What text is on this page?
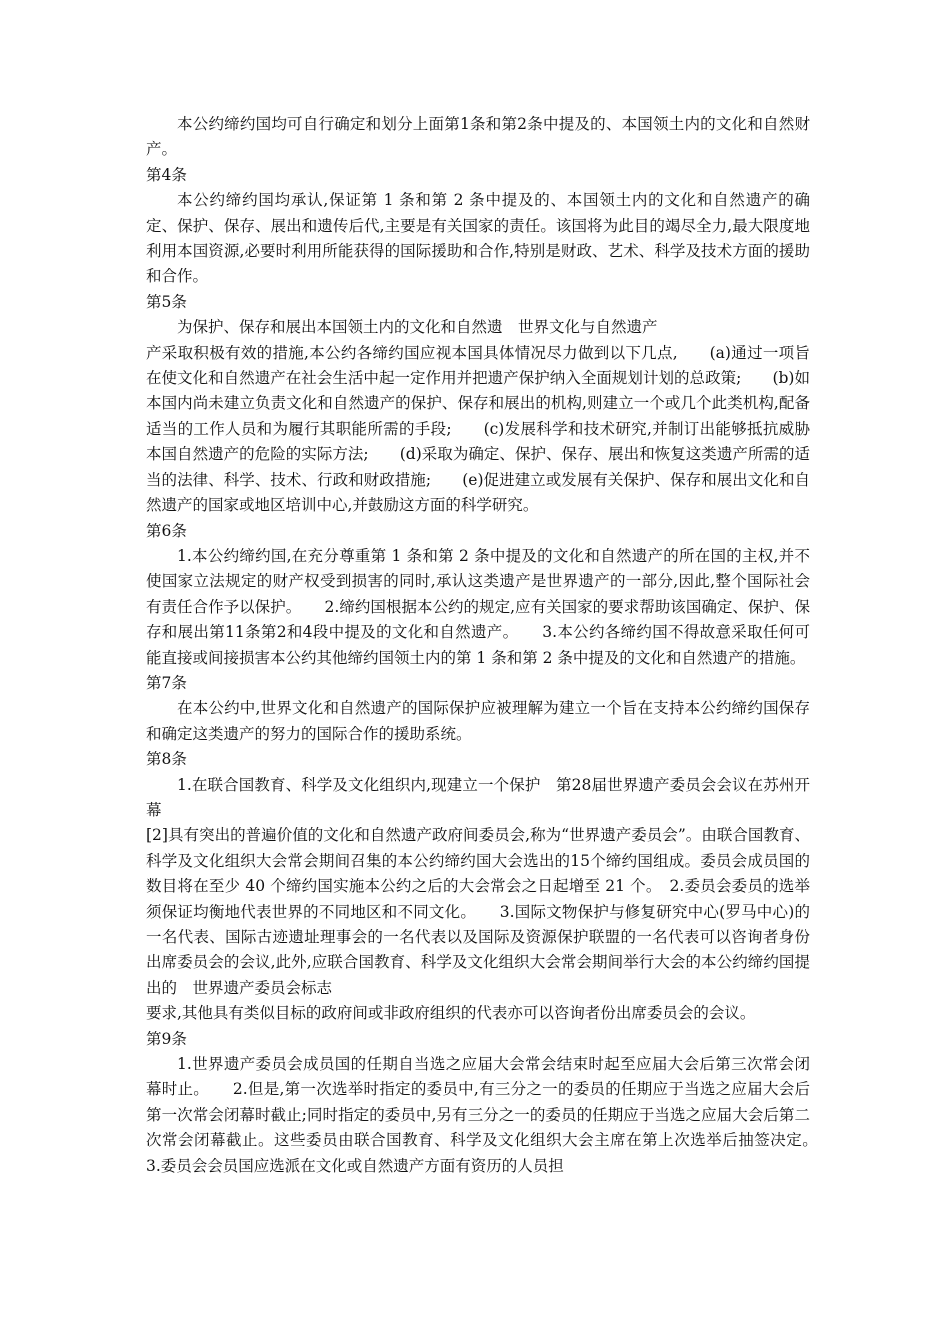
本公约缔约国均可自行确定和划分上面第1条和第2条中提及的、本国领土内的文化和自然财产。

第4条

本公约缔约国均承认,保证第 1 条和第 2 条中提及的、本国领土内的文化和自然遗产的确定、保护、保存、展出和遗传后代,主要是有关国家的责任。该国将为此目的竭尽全力,最大限度地利用本国资源,必要时利用所能获得的国际援助和合作,特别是财政、艺术、科学及技术方面的援助和合作。

第5条

为保护、保存和展出本国领土内的文化和自然遗　世界文化与自然遗产

产采取积极有效的措施,本公约各缔约国应视本国具体情况尽力做到以下几点,　　(a)通过一项旨在使文化和自然遗产在社会生活中起一定作用并把遗产保护纳入全面规划计划的总政策;　　(b)如本国内尚未建立负责文化和自然遗产的保护、保存和展出的机构,则建立一个或几个此类机构,配备适当的工作人员和为履行其职能所需的手段;　　(c)发展科学和技术研究,并制订出能够抵抗威胁本国自然遗产的危险的实际方法;　　(d)采取为确定、保护、保存、展出和恢复这类遗产所需的适当的法律、科学、技术、行政和财政措施;　　(e)促进建立或发展有关保护、保存和展出文化和自然遗产的国家或地区培训中心,并鼓励这方面的科学研究。

第6条

1.本公约缔约国,在充分尊重第 1 条和第 2 条中提及的文化和自然遗产的所在国的主权,并不使国家立法规定的财产权受到损害的同时,承认这类遗产是世界遗产的一部分,因此,整个国际社会有责任合作予以保护。　　2.缔约国根据本公约的规定,应有关国家的要求帮助该国确定、保护、保存和展出第11条第2和4段中提及的文化和自然遗产。　　3.本公约各缔约国不得故意采取任何可能直接或间接损害本公约其他缔约国领土内的第 1 条和第 2 条中提及的文化和自然遗产的措施。

第7条

在本公约中,世界文化和自然遗产的国际保护应被理解为建立一个旨在支持本公约缔约国保存和确定这类遗产的努力的国际合作的援助系统。

第8条

1.在联合国教育、科学及文化组织内,现建立一个保护　第28届世界遗产委员会会议在苏州开幕

[2]具有突出的普遍价值的文化和自然遗产政府间委员会,称为“世界遗产委员会”。由联合国教育、科学及文化组织大会常会期间召集的本公约缔约国大会选出的15个缔约国组成。委员会成员国的数目将在至少 40 个缔约国实施本公约之后的大会常会之日起增至 21 个。　2.委员会委员的选举须保证均衡地代表世界的不同地区和不同文化。　　3.国际文物保护与修复研究中心(罗马中心)的一名代表、国际古迹遗址理事会的一名代表以及国际及资源保护联盟的一名代表可以咨询者身份出席委员会的会议,此外,应联合国教育、科学及文化组织大会常会期间举行大会的本公约缔约国提出的　世界遗产委员会标志

要求,其他具有类似目标的政府间或非政府组织的代表亦可以咨询者份出席委员会的会议。

第9条

1.世界遗产委员会成员国的任期自当选之应届大会常会结束时起至应届大会后第三次常会闭幕时止。　　2.但是,第一次选举时指定的委员中,有三分之一的委员的任期应于当选之应届大会后第一次常会闭幕时截止;同时指定的委员中,另有三分之一的委员的任期应于当选之应届大会后第二次常会闭幕截止。这些委员由联合国教育、科学及文化组织大会主席在第上次选举后抽签决定。　　3.委员会会员国应选派在文化或自然遗产方面有资历的人员担
